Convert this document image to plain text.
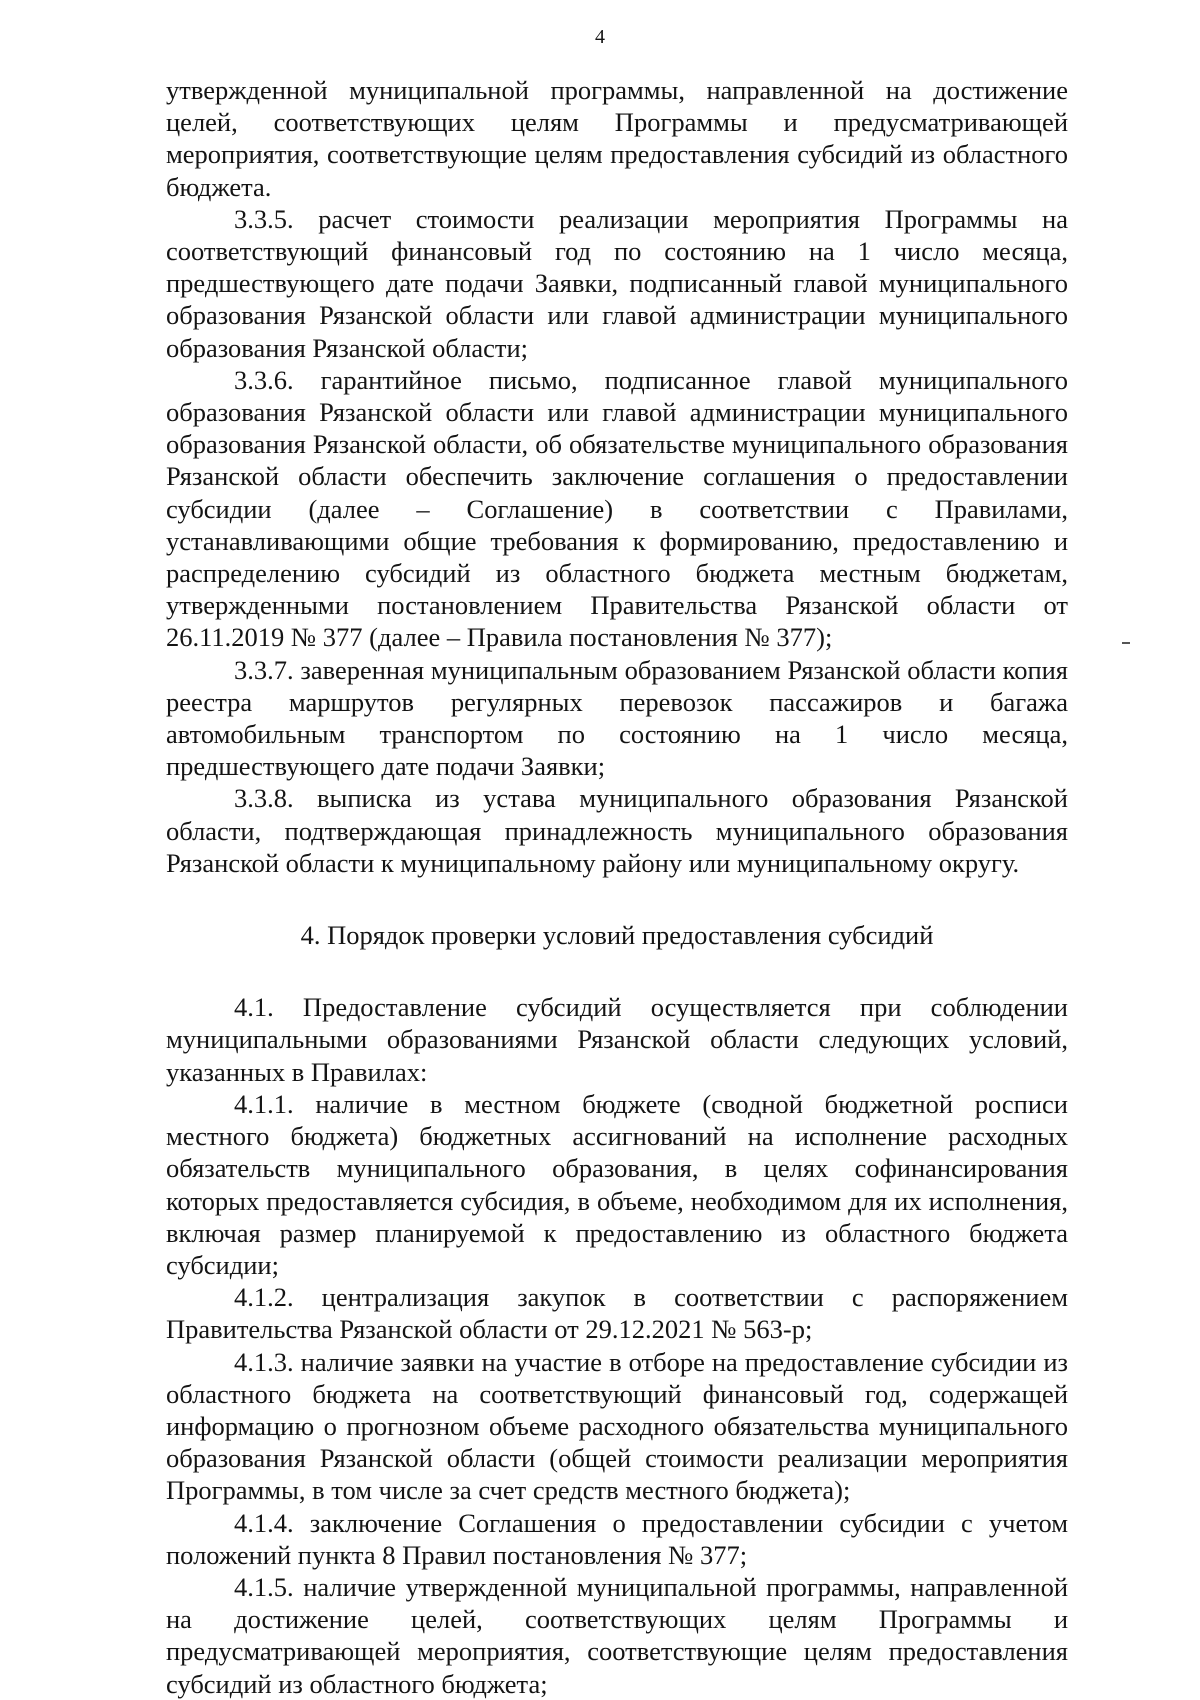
4

утвержденной муниципальной программы, направленной на достижение целей, соответствующих целям Программы и предусматривающей мероприятия, соответствующие целям предоставления субсидий из областного бюджета.

3.3.5. расчет стоимости реализации мероприятия Программы на соответствующий финансовый год по состоянию на 1 число месяца, предшествующего дате подачи Заявки, подписанный главой муниципального образования Рязанской области или главой администрации муниципального образования Рязанской области;

3.3.6. гарантийное письмо, подписанное главой муниципального образования Рязанской области или главой администрации муниципального образования Рязанской области, об обязательстве муниципального образования Рязанской области обеспечить заключение соглашения о предоставлении субсидии (далее – Соглашение) в соответствии с Правилами, устанавливающими общие требования к формированию, предоставлению и распределению субсидий из областного бюджета местным бюджетам, утвержденными постановлением Правительства Рязанской области от 26.11.2019 № 377 (далее – Правила постановления № 377);

3.3.7. заверенная муниципальным образованием Рязанской области копия реестра маршрутов регулярных перевозок пассажиров и багажа автомобильным транспортом по состоянию на 1 число месяца, предшествующего дате подачи Заявки;

3.3.8. выписка из устава муниципального образования Рязанской области, подтверждающая принадлежность муниципального образования Рязанской области к муниципальному району или муниципальному округу.

4. Порядок проверки условий предоставления субсидий

4.1. Предоставление субсидий осуществляется при соблюдении муниципальными образованиями Рязанской области следующих условий, указанных в Правилах:

4.1.1. наличие в местном бюджете (сводной бюджетной росписи местного бюджета) бюджетных ассигнований на исполнение расходных обязательств муниципального образования, в целях софинансирования которых предоставляется субсидия, в объеме, необходимом для их исполнения, включая размер планируемой к предоставлению из областного бюджета субсидии;

4.1.2. централизация закупок в соответствии с распоряжением Правительства Рязанской области от 29.12.2021 № 563-р;

4.1.3. наличие заявки на участие в отборе на предоставление субсидии из областного бюджета на соответствующий финансовый год, содержащей информацию о прогнозном объеме расходного обязательства муниципального образования Рязанской области (общей стоимости реализации мероприятия Программы, в том числе за счет средств местного бюджета);

4.1.4. заключение Соглашения о предоставлении субсидии с учетом положений пункта 8 Правил постановления № 377;

4.1.5. наличие утвержденной муниципальной программы, направленной на достижение целей, соответствующих целям Программы и предусматривающей мероприятия, соответствующие целям предоставления субсидий из областного бюджета;
